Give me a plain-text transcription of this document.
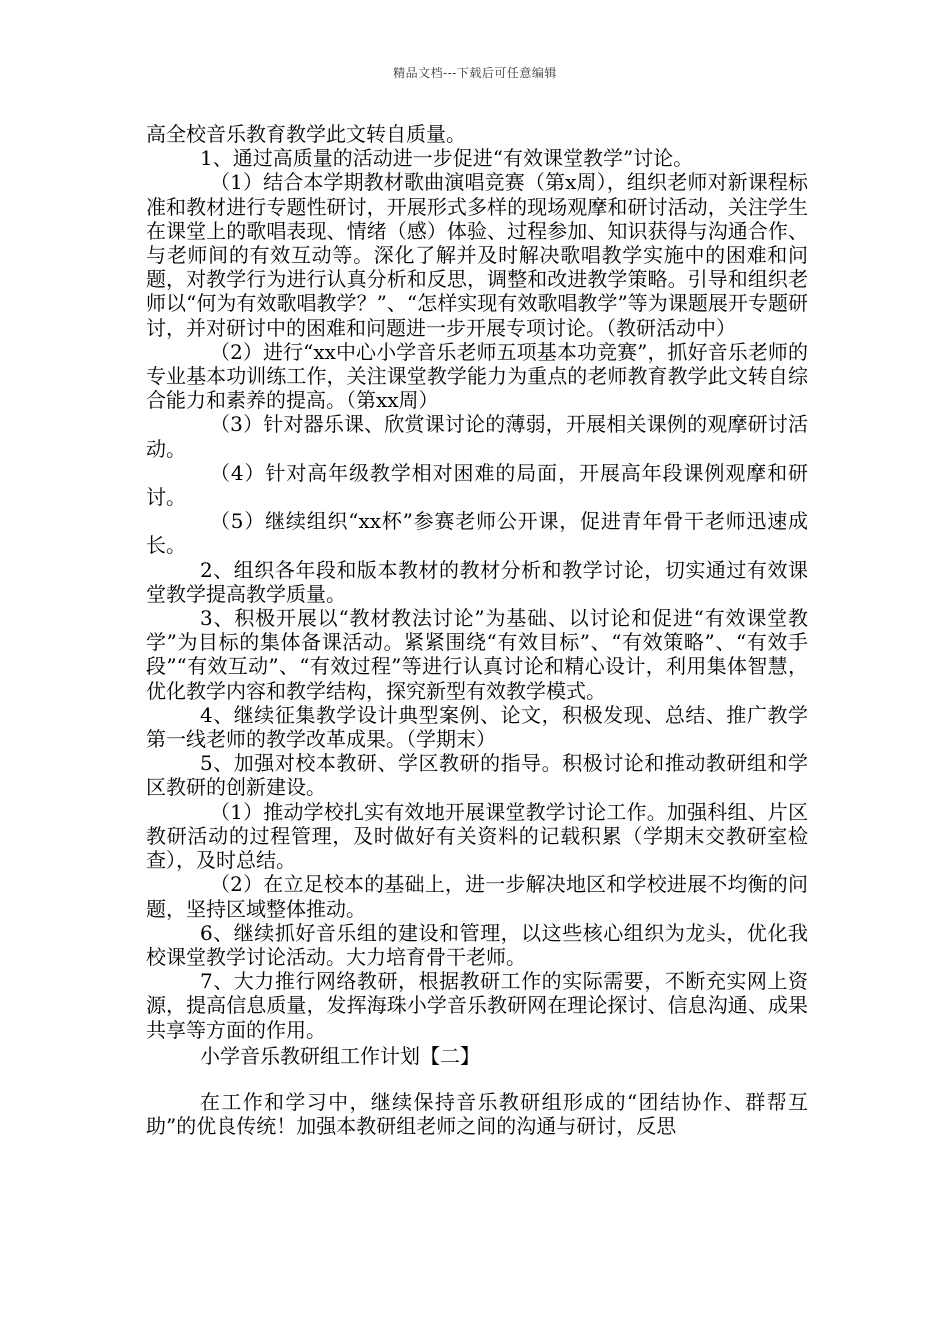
精品文档---下载后可任意编辑

高全校音乐教育教学此文转自质量。

1、通过高质量的活动进一步促进“有效课堂教学”讨论。

（1）结合本学期教材歌曲演唱竞赛（第x周），组织老师对新课程标准和教材进行专题性研讨，开展形式多样的现场观摩和研讨活动，关注学生在课堂上的歌唱表现、情绪（感）体验、过程参加、知识获得与沟通合作、与老师间的有效互动等。深化了解并及时解决歌唱教学实施中的困难和问题，对教学行为进行认真分析和反思，调整和改进教学策略。引导和组织老师以“何为有效歌唱教学？”、“怎样实现有效歌唱教学”等为课题展开专题研讨，并对研讨中的困难和问题进一步开展专项讨论。（教研活动中）

（2）进行“xx中心小学音乐老师五项基本功竞赛”，抓好音乐老师的专业基本功训练工作，关注课堂教学能力为重点的老师教育教学此文转自综合能力和素养的提高。（第xx周）

（3）针对器乐课、欣赏课讨论的薄弱，开展相关课例的观摩研讨活动。

（4）针对高年级教学相对困难的局面，开展高年段课例观摩和研讨。

（5）继续组织“xx杯”参赛老师公开课，促进青年骨干老师迅速成长。

2、组织各年段和版本教材的教材分析和教学讨论，切实通过有效课堂教学提高教学质量。

3、积极开展以“教材教法讨论”为基础、以讨论和促进“有效课堂教学”为目标的集体备课活动。紧紧围绕“有效目标”、“有效策略”、“有效手段”“有效互动”、“有效过程”等进行认真讨论和精心设计，利用集体智慧，优化教学内容和教学结构，探究新型有效教学模式。

4、继续征集教学设计典型案例、论文，积极发现、总结、推广教学第一线老师的教学改革成果。（学期末）

5、加强对校本教研、学区教研的指导。积极讨论和推动教研组和学区教研的创新建设。

（1）推动学校扎实有效地开展课堂教学讨论工作。加强科组、片区教研活动的过程管理，及时做好有关资料的记载积累（学期末交教研室检查），及时总结。

（2）在立足校本的基础上，进一步解决地区和学校进展不均衡的问题，坚持区域整体推动。

6、继续抓好音乐组的建设和管理，以这些核心组织为龙头，优化我校课堂教学讨论活动。大力培育骨干老师。

7、大力推行网络教研，根据教研工作的实际需要，不断充实网上资源，提高信息质量，发挥海珠小学音乐教研网在理论探讨、信息沟通、成果共享等方面的作用。

小学音乐教研组工作计划【二】

在工作和学习中，继续保持音乐教研组形成的“团结协作、群帮互助”的优良传统！加强本教研组老师之间的沟通与研讨，反思
